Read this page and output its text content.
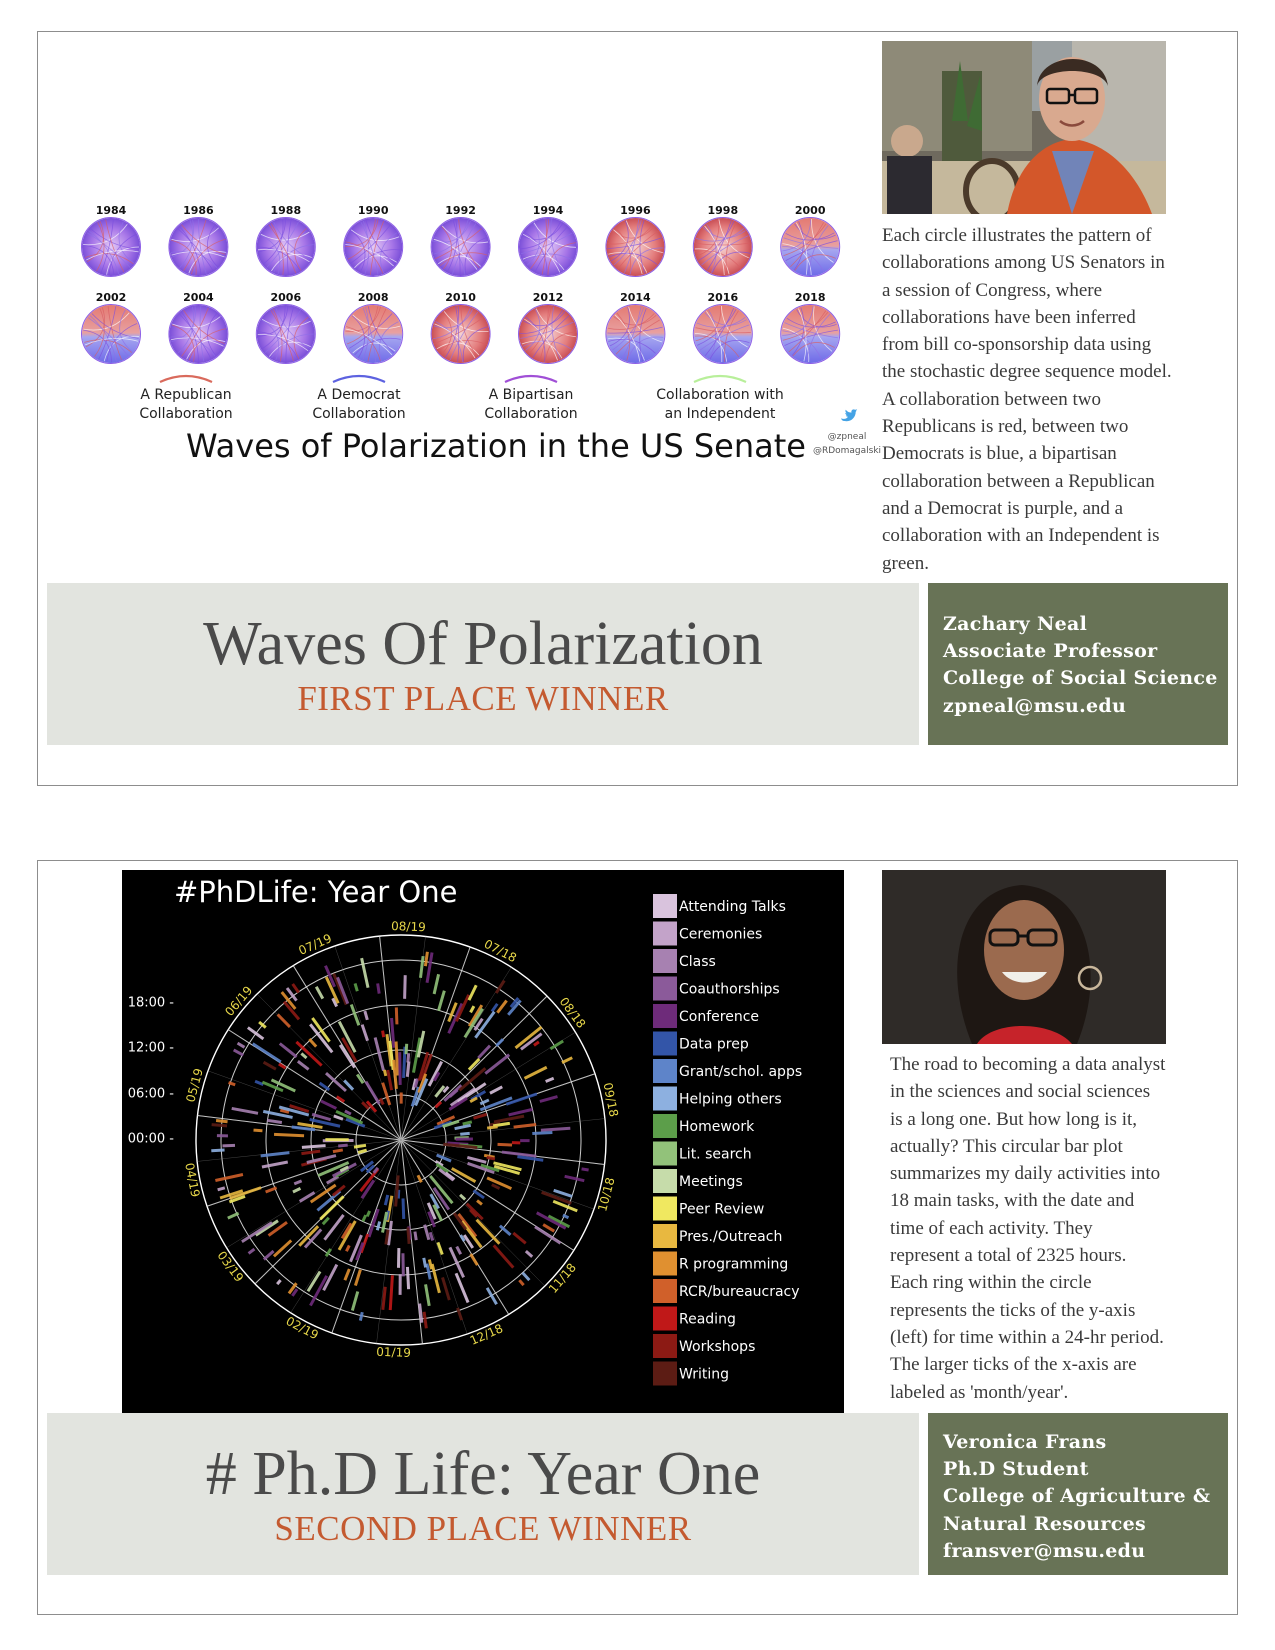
1984	1986	1988	1990	1992	1994	1996	1998	2000
2002	2004	2006	2008	2010	2012	2014	2016	2018
A Republican
Collaboration
A Democrat
Collaboration
A Bipartisan
Collaboration
Collaboration with
an Independent
Waves of Polarization in the US Senate @zpneal
@RDomagalski
Each circle illustrates the pattern of collaborations among US Senators in a session of Congress, where collaborations have been inferred from bill co-sponsorship data using the stochastic degree sequence model. A collaboration between two Republicans is red, between two Democrats is blue, a bipartisan collaboration between a Republican and a Democrat is purple, and a collaboration with an Independent is green.
Waves Of Polarization
FIRST PLACE WINNER
Zachary Neal
Associate Professor
College of Social Science
zpneal@msu.edu
#PhDLife: Year One
08/19
07/18
08/18
09/18
10/18
11/18
12/18
01/19
02/19
03/19
04/19
05/19
06/19
07/19
18:00 -
12:00 -
06:00 -
00:00 -
Attending Talks
Ceremonies
Class
Coauthorships
Conference
Data prep
Grant/schol. apps
Helping others
Homework
Lit. search
Meetings
Peer Review
Pres./Outreach
R programming
RCR/bureaucracy
Reading
Workshops
Writing
The road to becoming a data analyst in the sciences and social sciences is a long one. But how long is it, actually? This circular bar plot summarizes my daily activities into 18 main tasks, with the date and time of each activity. They represent a total of 2325 hours. Each ring within the circle represents the ticks of the y-axis (left) for time within a 24-hr period. The larger ticks of the x-axis are labeled as 'month/year'.
# Ph.D Life: Year One
SECOND PLACE WINNER
Veronica Frans
Ph.D Student
College of Agriculture &
Natural Resources
fransver@msu.edu
